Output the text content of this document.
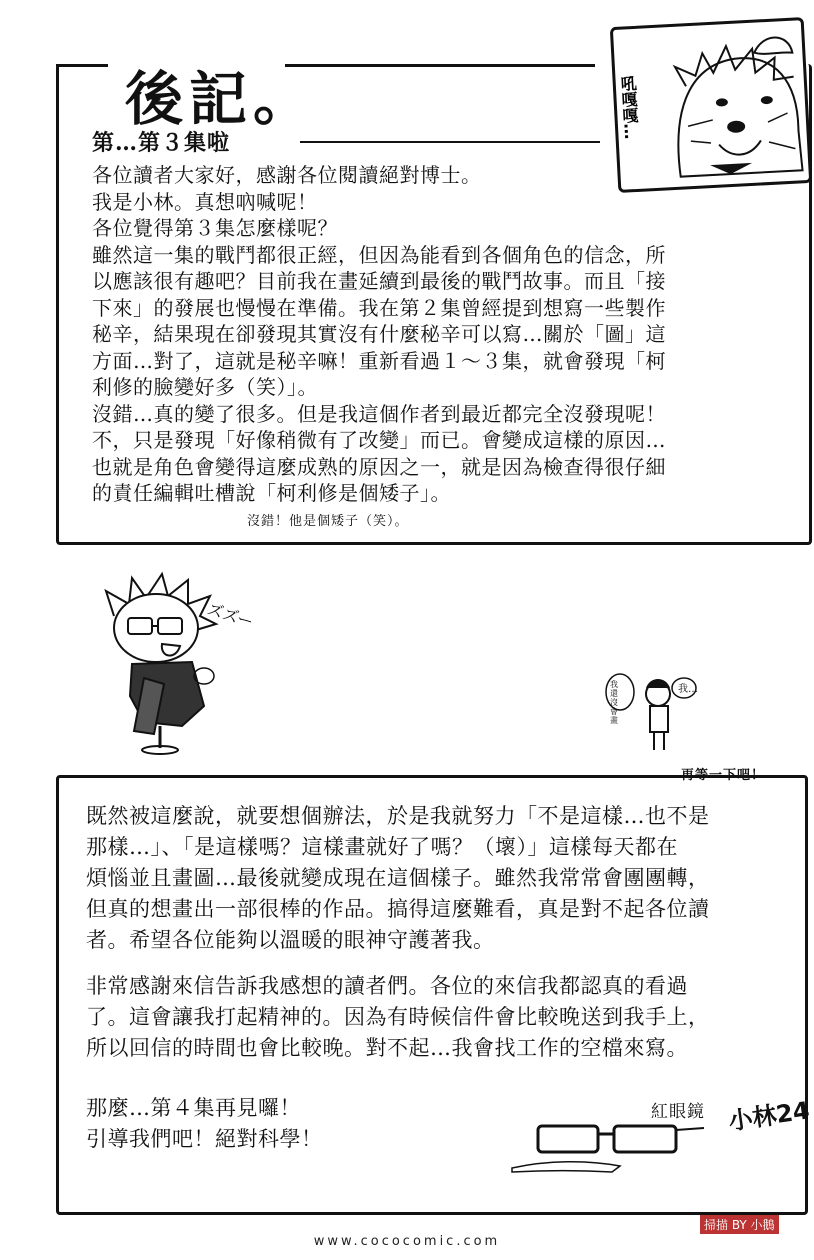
後記。
第…第３集啦
各位讀者大家好，感謝各位閱讀絕對博士。
我是小林。真想吶喊呢！
各位覺得第３集怎麼樣呢？
雖然這一集的戰鬥都很正經，但因為能看到各個角色的信念，所
以應該很有趣吧？目前我在畫延續到最後的戰鬥故事。而且「接
下來」的發展也慢慢在準備。我在第２集曾經提到想寫一些製作
秘辛，結果現在卻發現其實沒有什麼秘辛可以寫…關於「圖」這
方面…對了，這就是秘辛嘛！重新看過１～３集，就會發現「柯
利修的臉變好多（笑）」。
沒錯…真的變了很多。但是我這個作者到最近都完全沒發現呢！
不，只是發現「好像稍微有了改變」而已。會變成這樣的原因…
也就是角色會變得這麼成熟的原因之一，就是因為檢查得很仔細
的責任編輯吐槽說「柯利修是個矮子」。
沒錯！他是個矮子（笑）。
吼嘎嘎…
ズズー
我還沒會畫
我…
再等一下吧！
既然被這麼說，就要想個辦法，於是我就努力「不是這樣…也不是
那樣…」、「是這樣嗎？這樣畫就好了嗎？（壞）」這樣每天都在
煩惱並且畫圖…最後就變成現在這個樣子。雖然我常常會團團轉，
但真的想畫出一部很棒的作品。搞得這麼難看，真是對不起各位讀
者。希望各位能夠以溫暖的眼神守護著我。
非常感謝來信告訴我感想的讀者們。各位的來信我都認真的看過
了。這會讓我打起精神的。因為有時候信件會比較晚送到我手上，
所以回信的時間也會比較晚。對不起…我會找工作的空檔來寫。
那麼…第４集再見囉！
引導我們吧！絕對科學！
紅眼鏡 小林24
www.cococomic.com
掃描 BY 小鵝
